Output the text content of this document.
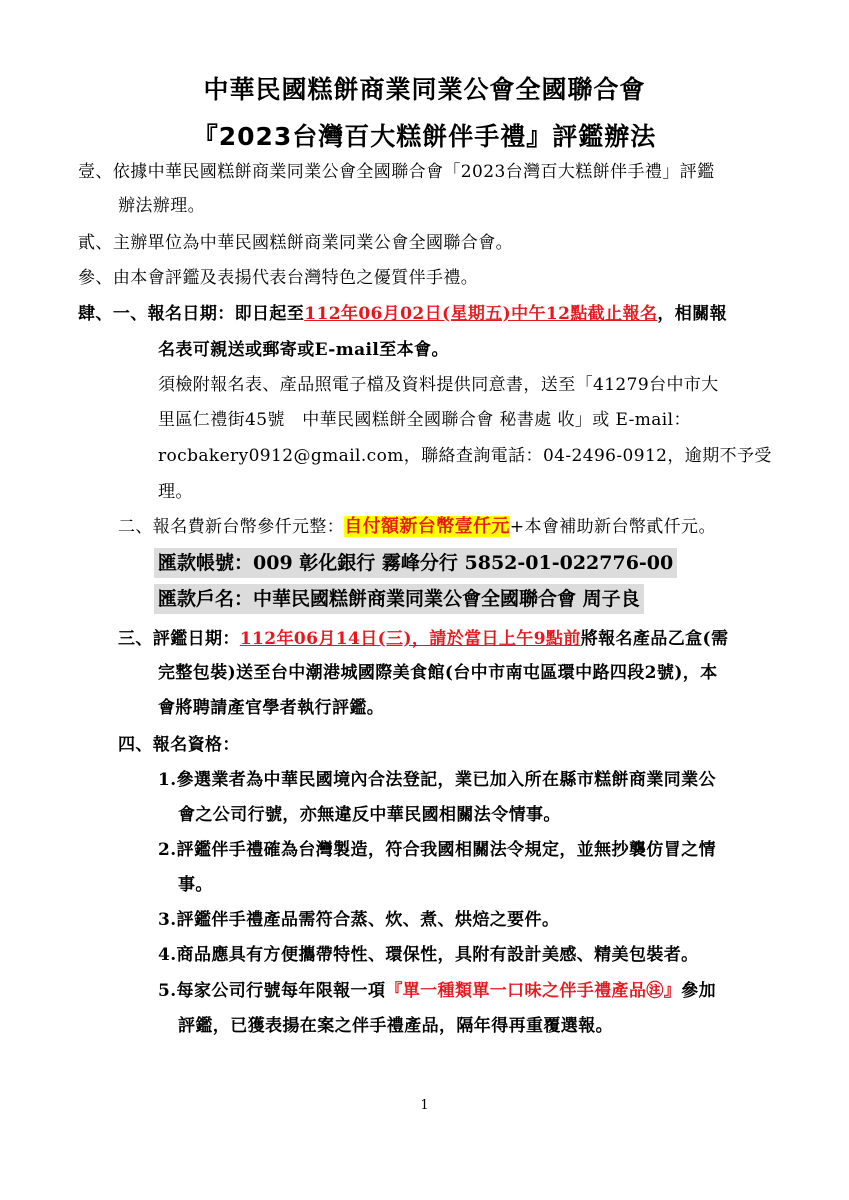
中華民國糕餅商業同業公會全國聯合會
『2023台灣百大糕餅伴手禮』評鑑辦法
壹、依據中華民國糕餅商業同業公會全國聯合會「2023台灣百大糕餅伴手禮」評鑑
辦法辦理。
貳、主辦單位為中華民國糕餅商業同業公會全國聯合會。
參、由本會評鑑及表揚代表台灣特色之優質伴手禮。
肆、一、報名日期：即日起至112年06月02日(星期五)中午12點截止報名，相關報
名表可親送或郵寄或E-mail至本會。
須檢附報名表、產品照電子檔及資料提供同意書，送至「41279台中市大
里區仁禮街45號　中華民國糕餅全國聯合會 秘書處 收」或 E-mail：
rocbakery0912@gmail.com，聯絡查詢電話：04-2496-0912，逾期不予受
理。
二、報名費新台幣參仟元整：自付額新台幣壹仟元+本會補助新台幣貳仟元。
匯款帳號：009 彰化銀行 霧峰分行 5852-01-022776-00
匯款戶名：中華民國糕餅商業同業公會全國聯合會 周子良
三、評鑑日期：112年06月14日(三)，請於當日上午9點前將報名產品乙盒(需
完整包裝)送至台中潮港城國際美食館(台中市南屯區環中路四段2號)，本
會將聘請產官學者執行評鑑。
四、報名資格：
1.參選業者為中華民國境內合法登記，業已加入所在縣市糕餅商業同業公
會之公司行號，亦無違反中華民國相關法令情事。
2.評鑑伴手禮確為台灣製造，符合我國相關法令規定，並無抄襲仿冒之情
事。
3.評鑑伴手禮產品需符合蒸、炊、煮、烘焙之要件。
4.商品應具有方便攜帶特性、環保性，具附有設計美感、精美包裝者。
5.每家公司行號每年限報一項『單一種類單一口味之伴手禮產品㊟』參加
評鑑，已獲表揚在案之伴手禮產品，隔年得再重覆選報。
1
